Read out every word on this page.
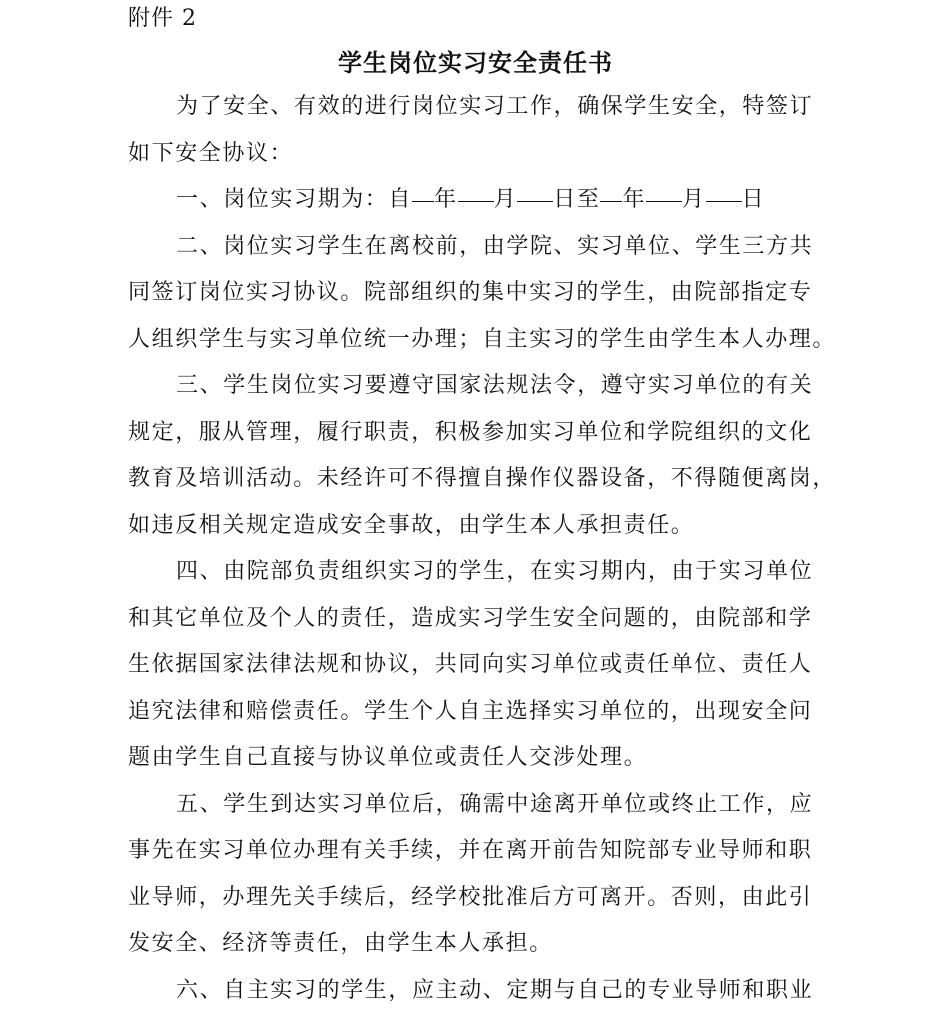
附件 2
学生岗位实习安全责任书
为了安全、有效的进行岗位实习工作，确保学生安全，特签订
如下安全协议：
一、岗位实习期为：自 年 月 日至 年 月 日
二、岗位实习学生在离校前，由学院、实习单位、学生三方共
同签订岗位实习协议。院部组织的集中实习的学生，由院部指定专
人组织学生与实习单位统一办理；自主实习的学生由学生本人办理。
三、学生岗位实习要遵守国家法规法令，遵守实习单位的有关
规定，服从管理，履行职责，积极参加实习单位和学院组织的文化
教育及培训活动。未经许可不得擅自操作仪器设备，不得随便离岗，
如违反相关规定造成安全事故，由学生本人承担责任。
四、由院部负责组织实习的学生，在实习期内，由于实习单位
和其它单位及个人的责任，造成实习学生安全问题的，由院部和学
生依据国家法律法规和协议，共同向实习单位或责任单位、责任人
追究法律和赔偿责任。学生个人自主选择实习单位的，出现安全问
题由学生自己直接与协议单位或责任人交涉处理。
五、学生到达实习单位后，确需中途离开单位或终止工作，应
事先在实习单位办理有关手续，并在离开前告知院部专业导师和职
业导师，办理先关手续后，经学校批准后方可离开。否则，由此引
发安全、经济等责任，由学生本人承担。
六、自主实习的学生，应主动、定期与自己的专业导师和职业
